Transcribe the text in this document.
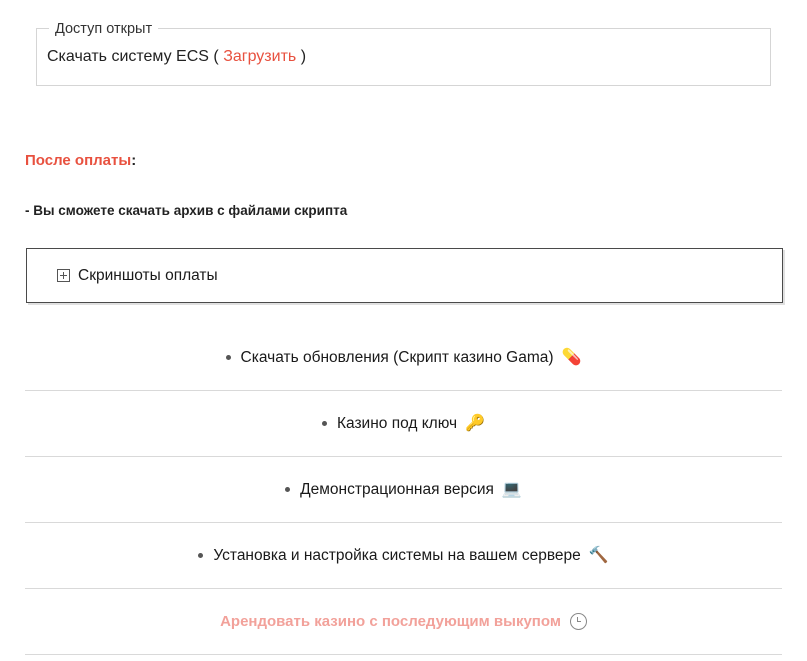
Доступ открыт
Скачать систему ECS ( Загрузить )
После оплаты:
- Вы сможете скачать архив с файлами скрипта
Скриншоты оплаты
Скачать обновления (Скрипт казино Gama) 💊
Казино под ключ 🔑
Демонстрационная версия 💻
Установка и настройка системы на вашем сервере 🔨
Арендовать казино с последующим выкупом
